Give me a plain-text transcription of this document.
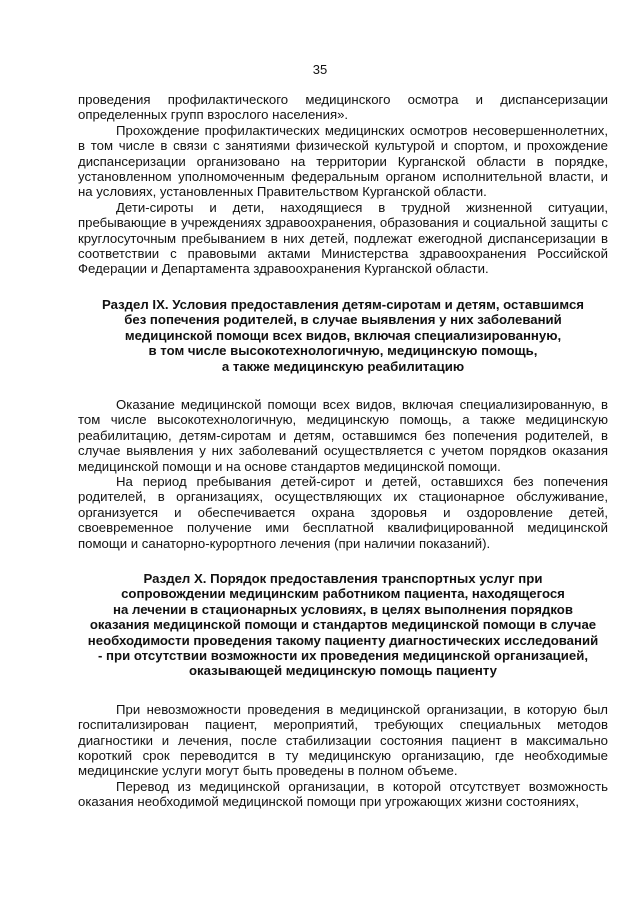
35

проведения профилактического медицинского осмотра и диспансеризации определенных групп взрослого населения».

Прохождение профилактических медицинских осмотров несовершеннолетних, в том числе в связи с занятиями физической культурой и спортом, и прохождение диспансеризации организовано на территории Курганской области в порядке, установленном уполномоченным федеральным органом исполнительной власти, и на условиях, установленных Правительством Курганской области.

Дети-сироты и дети, находящиеся в трудной жизненной ситуации, пребывающие в учреждениях здравоохранения, образования и социальной защиты с круглосуточным пребыванием в них детей, подлежат ежегодной диспансеризации в соответствии с правовыми актами Министерства здравоохранения Российской Федерации и Департамента здравоохранения Курганской области.

Раздел IX. Условия предоставления детям-сиротам и детям, оставшимся
без попечения родителей, в случае выявления у них заболеваний
медицинской помощи всех видов, включая специализированную,
в том числе высокотехнологичную, медицинскую помощь,
а также медицинскую реабилитацию

Оказание медицинской помощи всех видов, включая специализированную, в том числе высокотехнологичную, медицинскую помощь, а также медицинскую реабилитацию, детям-сиротам и детям, оставшимся без попечения родителей, в случае выявления у них заболеваний осуществляется с учетом порядков оказания медицинской помощи и на основе стандартов медицинской помощи.

На период пребывания детей-сирот и детей, оставшихся без попечения родителей, в организациях, осуществляющих их стационарное обслуживание, организуется и обеспечивается охрана здоровья и оздоровление детей, своевременное получение ими бесплатной квалифицированной медицинской помощи и санаторно-курортного лечения (при наличии показаний).

Раздел X. Порядок предоставления транспортных услуг при
сопровождении медицинским работником пациента, находящегося
на лечении в стационарных условиях, в целях выполнения порядков
оказания медицинской помощи и стандартов медицинской помощи в случае
необходимости проведения такому пациенту диагностических исследований
- при отсутствии возможности их проведения медицинской организацией,
оказывающей медицинскую помощь пациенту

При невозможности проведения в медицинской организации, в которую был госпитализирован пациент, мероприятий, требующих специальных методов диагностики и лечения, после стабилизации состояния пациент в максимально короткий срок переводится в ту медицинскую организацию, где необходимые медицинские услуги могут быть проведены в полном объеме.

Перевод из медицинской организации, в которой отсутствует возможность оказания необходимой медицинской помощи при угрожающих жизни состояниях,
